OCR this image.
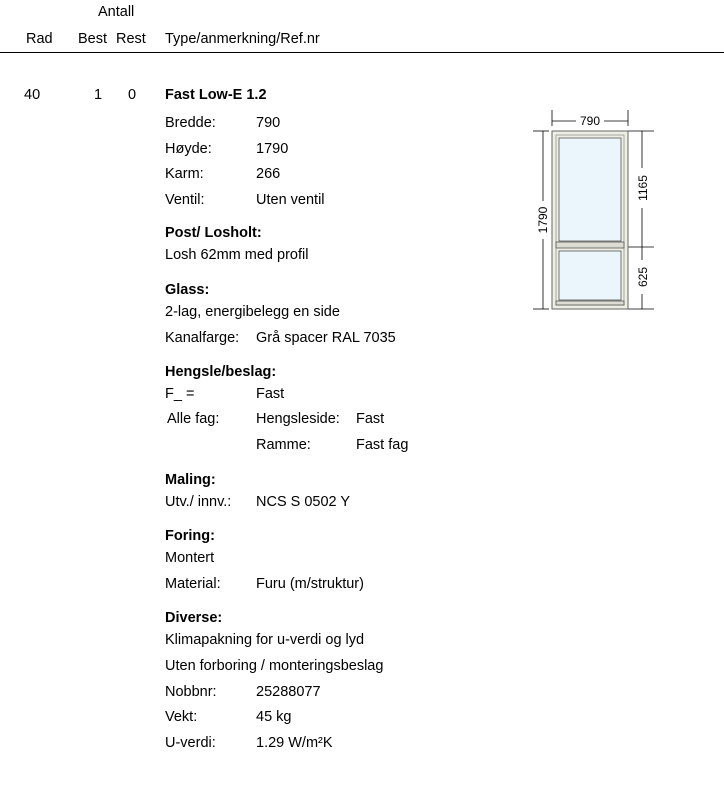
Antall
Rad Best Rest Type/anmerkning/Ref.nr
40	1 0 Fast Low-E 1.2
Bredde:	790
Høyde:	1790
Karm:	266
Ventil:	Uten ventil
Post/ Losholt:
Losh 62mm med profil
Glass:
2-lag, energibelegg en side
Kanalfarge: Grå spacer RAL 7035
Hengsle/beslag:
F_ =	Fast
Alle fag:	Hengsleside: Fast
Ramme:	Fast fag
Maling:
Utv./ innv.: NCS S 0502 Y
Foring:
Montert
Material: Furu (m/struktur)
Diverse:
Klimapakning for u-verdi og lyd
Uten forboring / monteringsbeslag
Nobbnr:	25288077
Vekt:	45 kg
U-verdi:	1.29 W/m²K
790
1790
1165
625
